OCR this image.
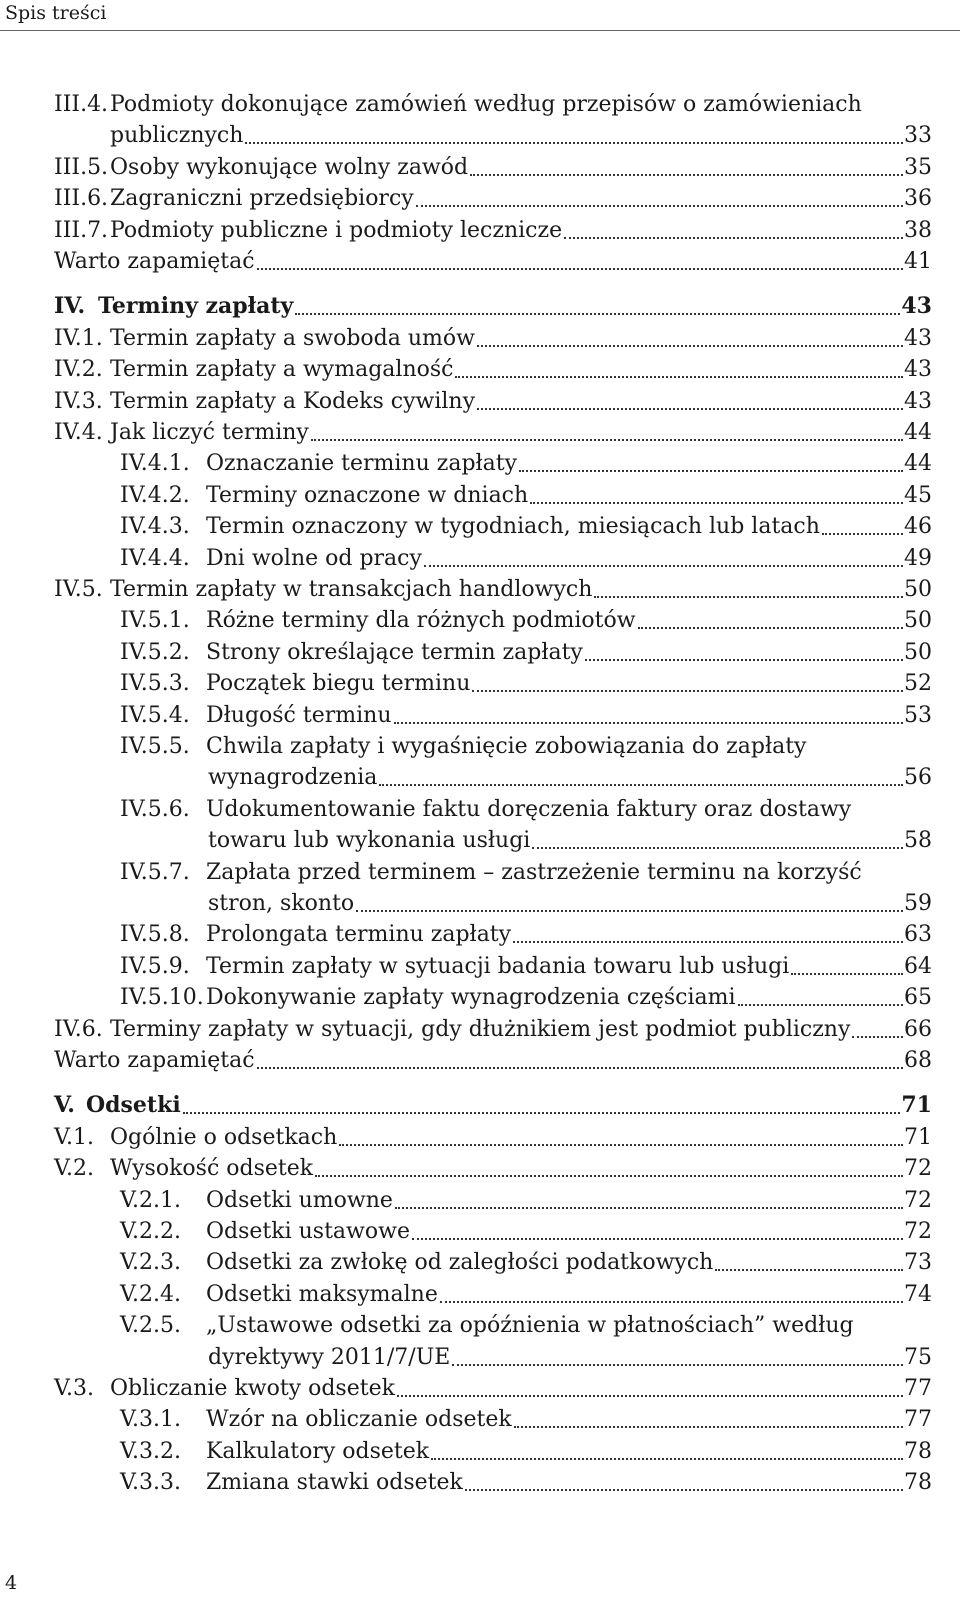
Spis treści
III.4. Podmioty dokonujące zamówień według przepisów o zamówieniach
publicznych	33
III.5. Osoby wykonujące wolny zawód	35
III.6. Zagraniczni przedsiębiorcy	36
III.7. Podmioty publiczne i podmioty lecznicze	38
Warto zapamiętać	41
IV. Terminy zapłaty	43
IV.1. Termin zapłaty a swoboda umów	43
IV.2. Termin zapłaty a wymagalność	43
IV.3. Termin zapłaty a Kodeks cywilny	43
IV.4. Jak liczyć terminy	44
IV.4.1. Oznaczanie terminu zapłaty	44
IV.4.2. Terminy oznaczone w dniach	45
IV.4.3. Termin oznaczony w tygodniach, miesiącach lub latach	46
IV.4.4. Dni wolne od pracy	49
IV.5. Termin zapłaty w transakcjach handlowych	50
IV.5.1. Różne terminy dla różnych podmiotów	50
IV.5.2. Strony określające termin zapłaty	50
IV.5.3. Początek biegu terminu	52
IV.5.4. Długość terminu	53
IV.5.5. Chwila zapłaty i wygaśnięcie zobowiązania do zapłaty
wynagrodzenia	56
IV.5.6. Udokumentowanie faktu doręczenia faktury oraz dostawy
towaru lub wykonania usługi	58
IV.5.7. Zapłata przed terminem – zastrzeżenie terminu na korzyść
stron, skonto	59
IV.5.8. Prolongata terminu zapłaty	63
IV.5.9. Termin zapłaty w sytuacji badania towaru lub usługi	64
IV.5.10. Dokonywanie zapłaty wynagrodzenia częściami	65
IV.6. Terminy zapłaty w sytuacji, gdy dłużnikiem jest podmiot publiczny 66
Warto zapamiętać	68
V. Odsetki	71
V.1. Ogólnie o odsetkach	71
V.2. Wysokość odsetek	72
V.2.1. Odsetki umowne	72
V.2.2. Odsetki ustawowe	72
V.2.3. Odsetki za zwłokę od zaległości podatkowych	73
V.2.4. Odsetki maksymalne	74
V.2.5. „Ustawowe odsetki za opóźnienia w płatnościach” według
dyrektywy 2011/7/UE	75
V.3. Obliczanie kwoty odsetek	77
V.3.1. Wzór na obliczanie odsetek	77
V.3.2. Kalkulatory odsetek	78
V.3.3. Zmiana stawki odsetek	78
4
